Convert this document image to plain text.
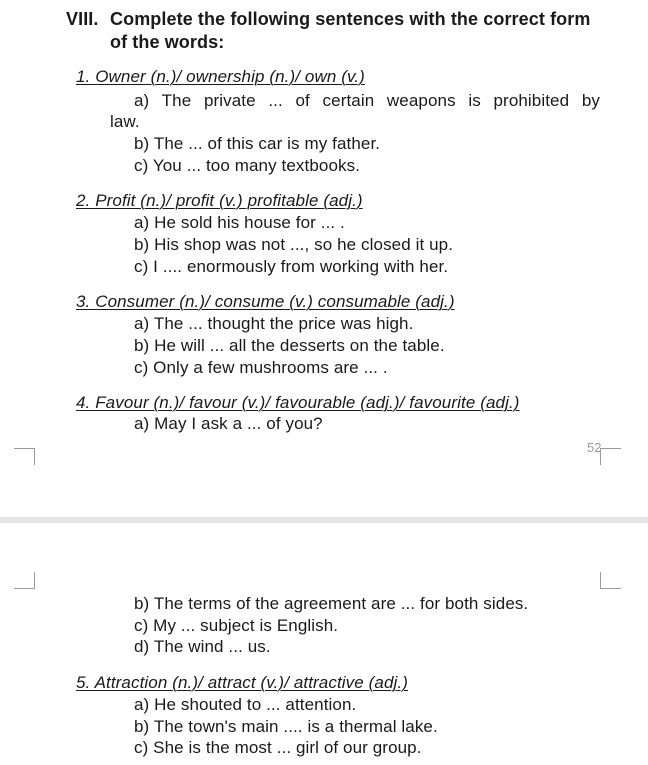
VIII. Complete the following sentences with the correct form
of the words:
1. Owner (n.)/ ownership (n.)/ own (v.)
a) The private ... of certain weapons is prohibited by
law.
b) The ... of this car is my father.
c) You ... too many textbooks.
2. Profit (n.)/ profit (v.) profitable (adj.)
a) He sold his house for ... .
b) His shop was not ..., so he closed it up.
c) I .... enormously from working with her.
3. Consumer (n.)/ consume (v.) consumable (adj.)
a) The ... thought the price was high.
b) He will ... all the desserts on the table.
c) Only a few mushrooms are ... .
4. Favour (n.)/ favour (v.)/ favourable (adj.)/ favourite (adj.)
a) May I ask a ... of you?
52
b) The terms of the agreement are ... for both sides.
c) My ... subject is English.
d) The wind ... us.
5. Attraction (n.)/ attract (v.)/ attractive (adj.)
a) He shouted to ... attention.
b) The town's main .... is a thermal lake.
c) She is the most ... girl of our group.
